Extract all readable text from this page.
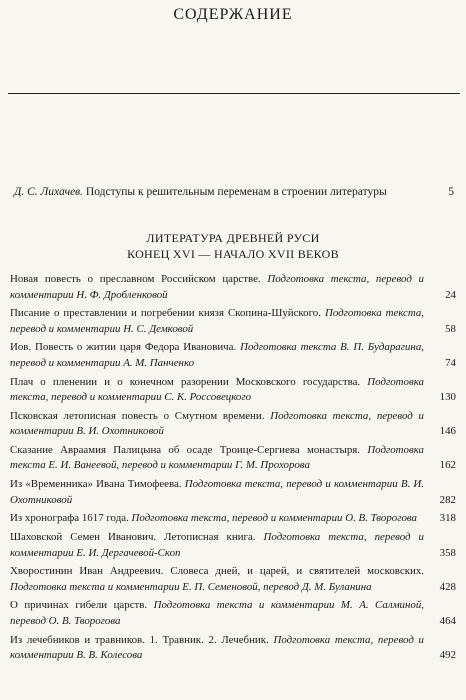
СОДЕРЖАНИЕ
Д. С. Лихачев. Подступы к решительным переменам в строении литературы	5
ЛИТЕРАТУРА ДРЕВНЕЙ РУСИ
КОНЕЦ XVI — НАЧАЛО XVII ВЕКОВ
Новая повесть о преславном Российском царстве. Подготовка текста, перевод и комментарии Н. Ф. Дробленковой	24
Писание о преставлении и погребении князя Скопина-Шуйского. Подготовка текста, перевод и комментарии Н. С. Демковой	58
Иов. Повесть о житии царя Федора Ивановича. Подготовка текста В. П. Бударагина, перевод и комментарии А. М. Панченко	74
Плач о пленении и о конечном разорении Московского государства. Подготовка текста, перевод и комментарии С. К. Россовецкого	130
Псковская летописная повесть о Смутном времени. Подготовка текста, перевод и комментарии В. И. Охотниковой	146
Сказание Авраамия Палицына об осаде Троице-Сергиева монастыря. Подготовка текста Е. И. Ванеевой, перевод и комментарии Г. М. Прохорова	162
Из «Временника» Ивана Тимофеева. Подготовка текста, перевод и комментарии В. И. Охотниковой	282
Из хронографа 1617 года. Подготовка текста, перевод и комментарии О. В. Творогова	318
Шаховской Семен Иванович. Летописная книга. Подготовка текста, перевод и комментарии Е. И. Дергачевой-Скоп	358
Хворостинин Иван Андреевич. Словеса дней, и царей, и святителей московских. Подготовка текста и комментарии Е. П. Семеновой, перевод Д. М. Буланина	428
О причинах гибели царств. Подготовка текста и комментарии М. А. Салминой, перевод О. В. Творогова	464
Из лечебников и травников. 1. Травник. 2. Лечебник. Подготовка текста, перевод и комментарии В. В. Колесова	492
